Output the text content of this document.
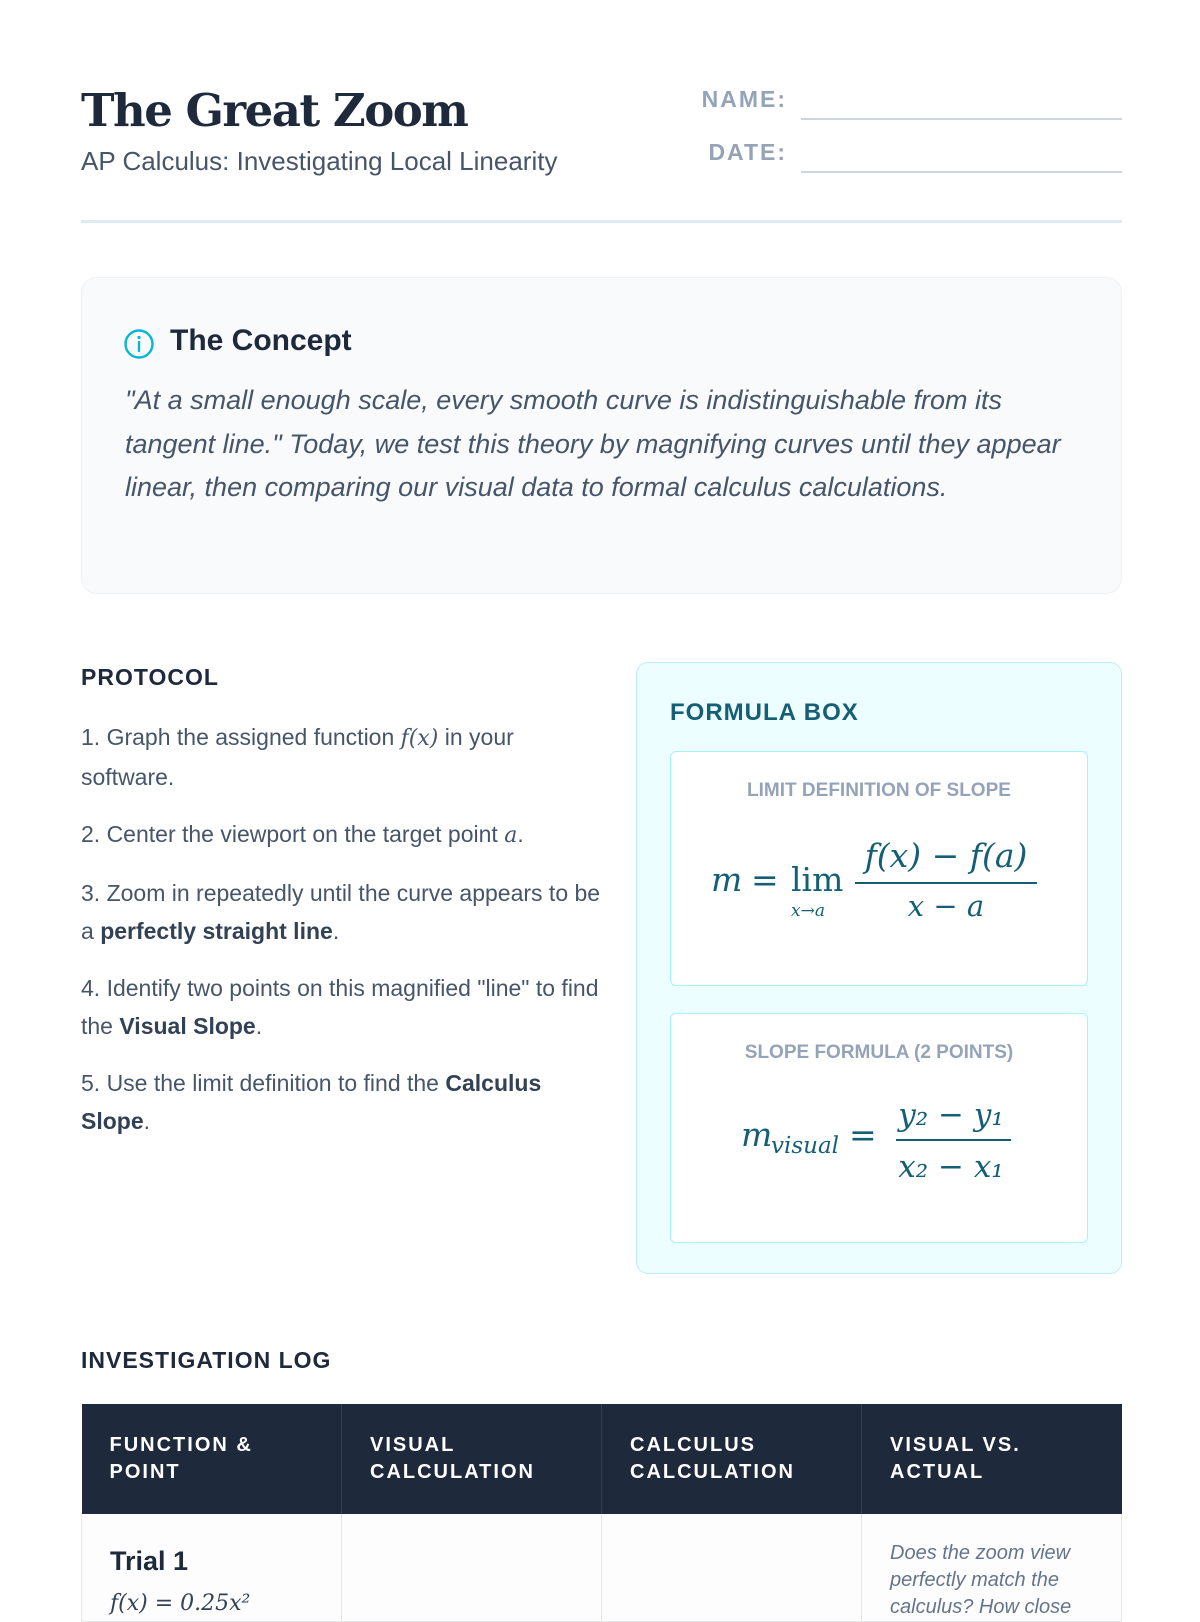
The Great Zoom
AP Calculus: Investigating Local Linearity
NAME:
DATE:
The Concept
"At a small enough scale, every smooth curve is indistinguishable from its tangent line." Today, we test this theory by magnifying curves until they appear linear, then comparing our visual data to formal calculus calculations.
PROTOCOL
1. Graph the assigned function f(x) in your software.
2. Center the viewport on the target point a.
3. Zoom in repeatedly until the curve appears to be a perfectly straight line.
4. Identify two points on this magnified "line" to find the Visual Slope.
5. Use the limit definition to find the Calculus Slope.
FORMULA BOX
LIMIT DEFINITION OF SLOPE
m = lim
x→a
f(x) − f(a)
x − a
SLOPE FORMULA (2 POINTS)
m
visual = y₂ − y₁
x₂ − x₁
INVESTIGATION LOG
FUNCTION & POINT	VISUAL CALCULATION	CALCULUS CALCULATION	VISUAL VS. ACTUAL

Trial 1
f(x) = 0.25x²			Does the zoom view perfectly match the calculus? How close
